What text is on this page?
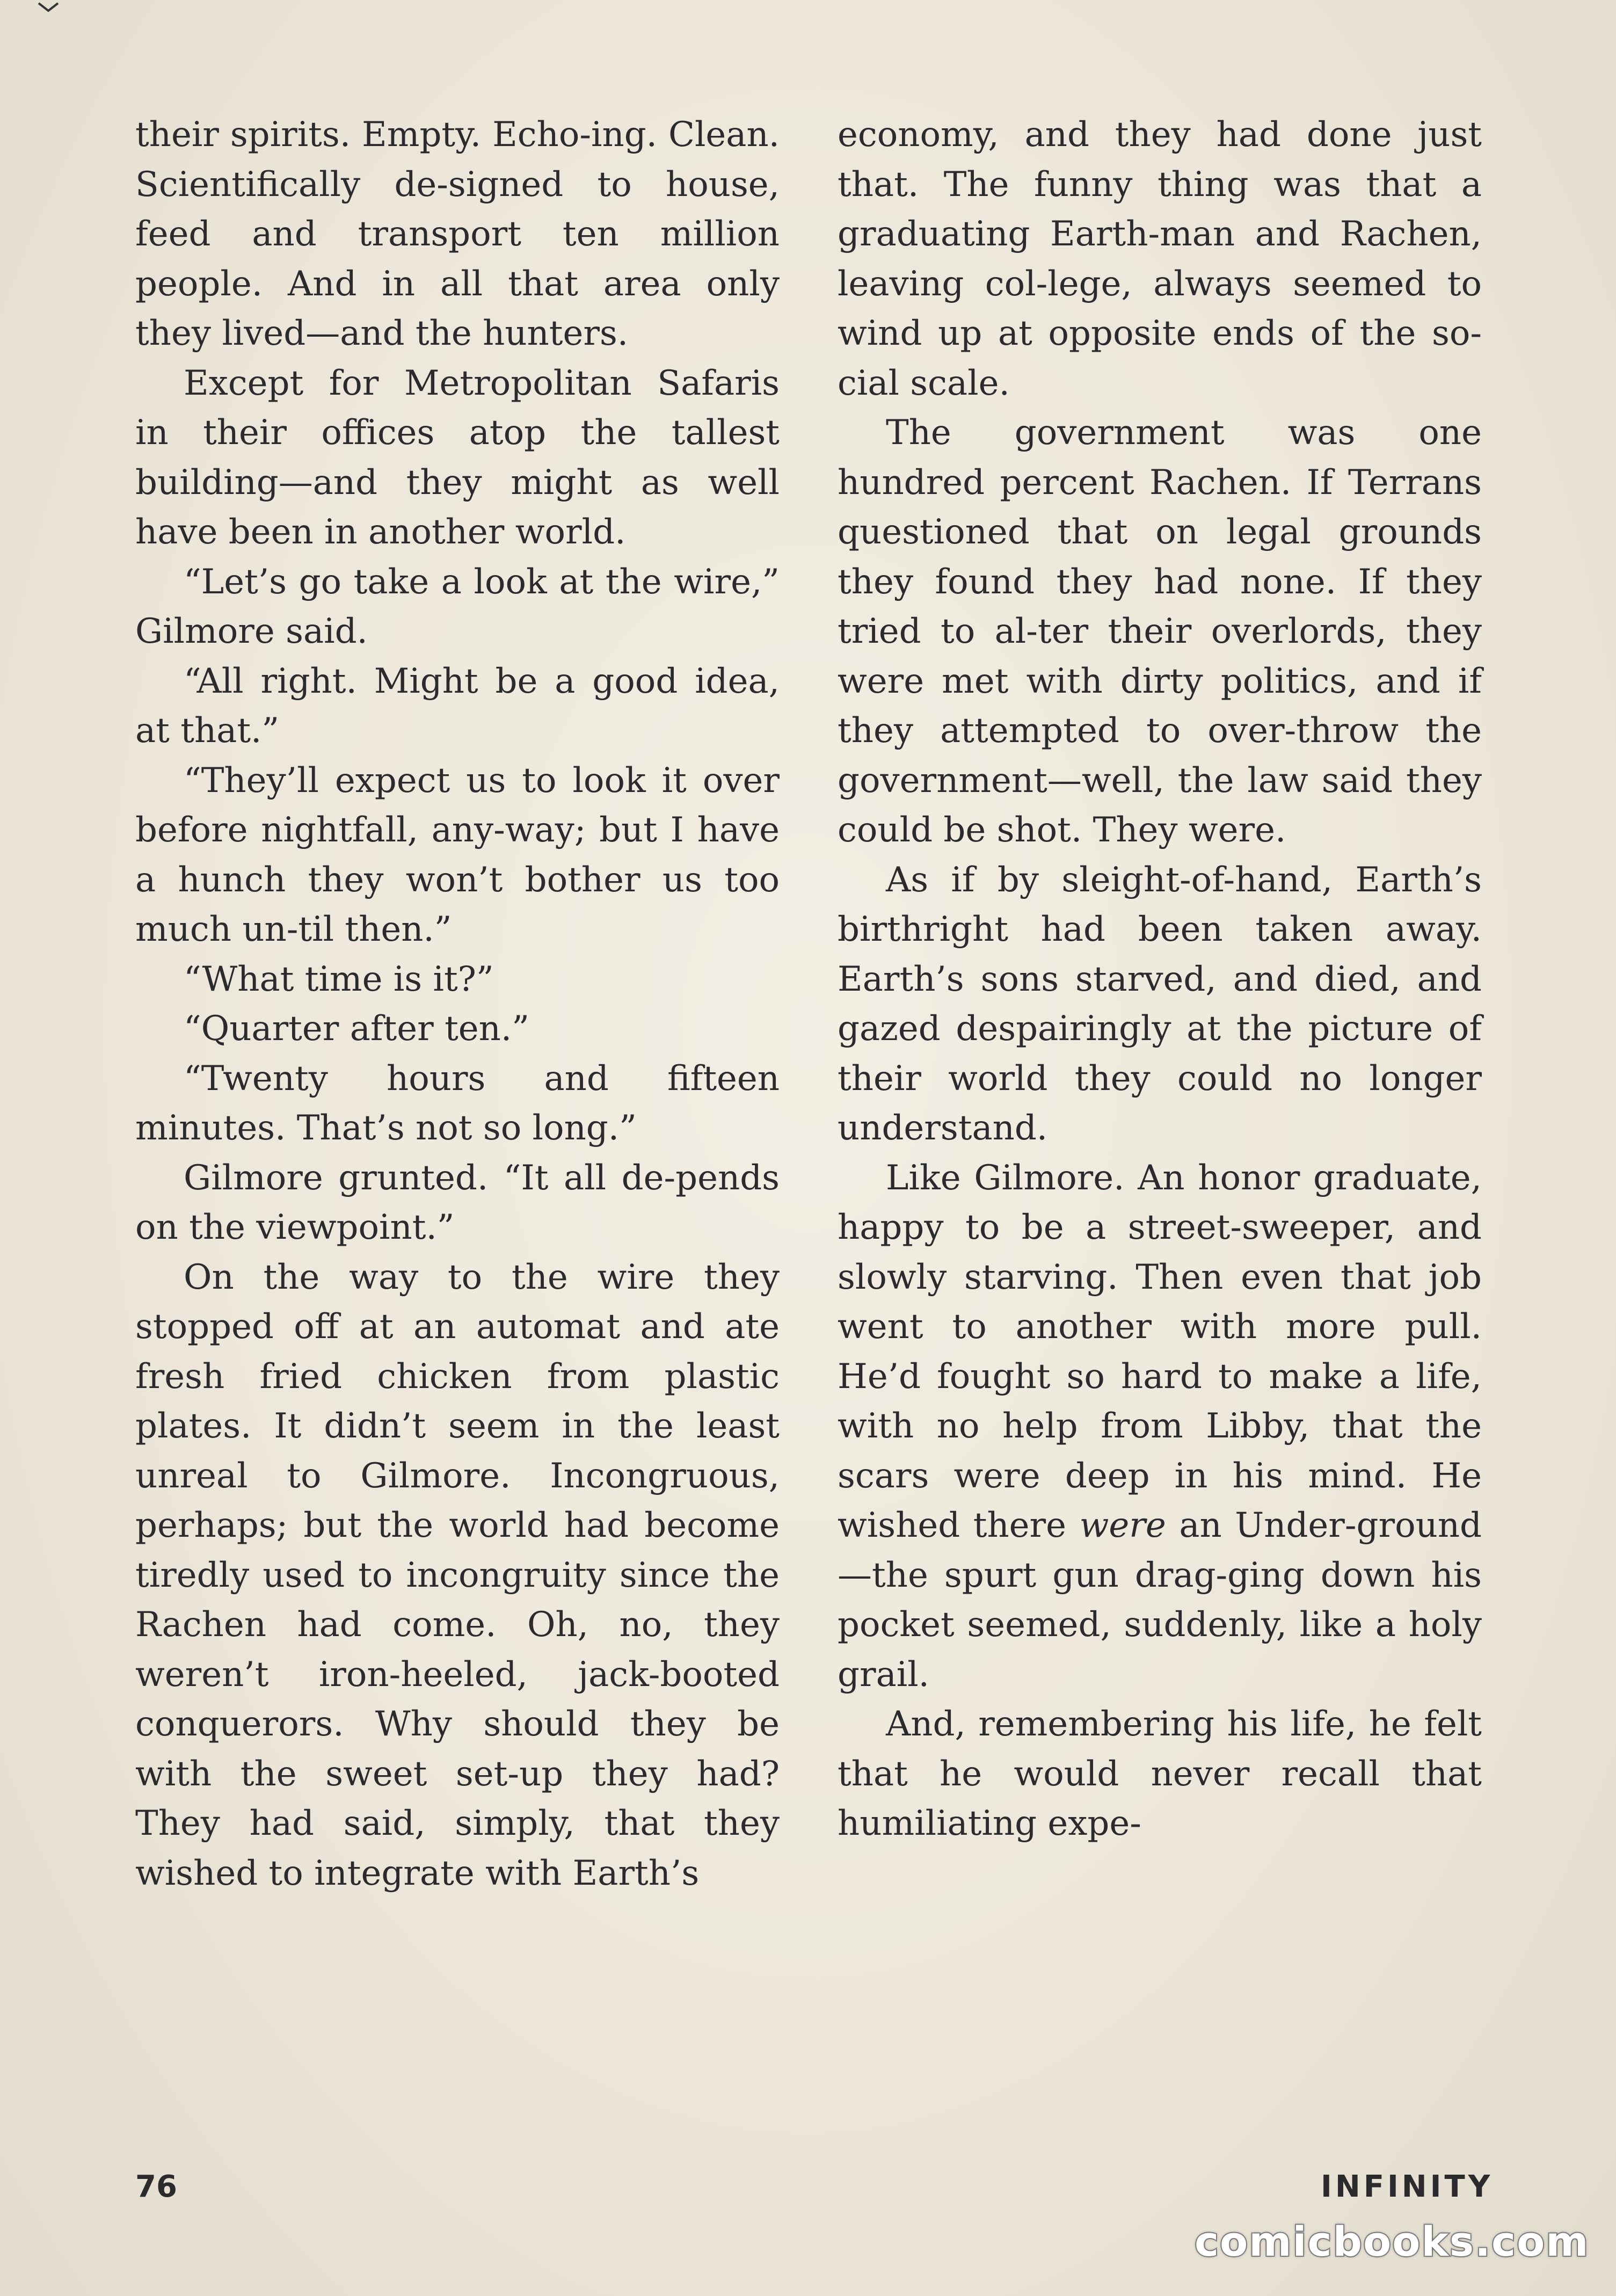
their spirits. Empty. Echo-ing. Clean. Scientifically de-signed to house, feed and transport ten million people. And in all that area only they lived—and the hunters.

Except for Metropolitan Safaris in their offices atop the tallest building—and they might as well have been in another world.

“Let’s go take a look at the wire,” Gilmore said.

“All right. Might be a good idea, at that.”

“They’ll expect us to look it over before nightfall, any-way; but I have a hunch they won’t bother us too much un-til then.”

“What time is it?”

“Quarter after ten.”

“Twenty hours and fifteen minutes. That’s not so long.”

Gilmore grunted. “It all de-pends on the viewpoint.”

On the way to the wire they stopped off at an automat and ate fresh fried chicken from plastic plates. It didn’t seem in the least unreal to Gilmore. Incongruous, perhaps; but the world had become tiredly used to incongruity since the Rachen had come. Oh, no, they weren’t iron-heeled, jack-booted conquerors. Why should they be with the sweet set-up they had? They had said, simply, that they wished to integrate with Earth’s

economy, and they had done just that. The funny thing was that a graduating Earth-man and Rachen, leaving col-lege, always seemed to wind up at opposite ends of the so-cial scale.

The government was one hundred percent Rachen. If Terrans questioned that on legal grounds they found they had none. If they tried to al-ter their overlords, they were met with dirty politics, and if they attempted to over-throw the government—well, the law said they could be shot. They were.

As if by sleight-of-hand, Earth’s birthright had been taken away. Earth’s sons starved, and died, and gazed despairingly at the picture of their world they could no longer understand.

Like Gilmore. An honor graduate, happy to be a street-sweeper, and slowly starving. Then even that job went to another with more pull. He’d fought so hard to make a life, with no help from Libby, that the scars were deep in his mind. He wished there were an Under-ground—the spurt gun drag-ging down his pocket seemed, suddenly, like a holy grail.

And, remembering his life, he felt that he would never recall that humiliating expe-

76	INFINITY
comicbooks.com
